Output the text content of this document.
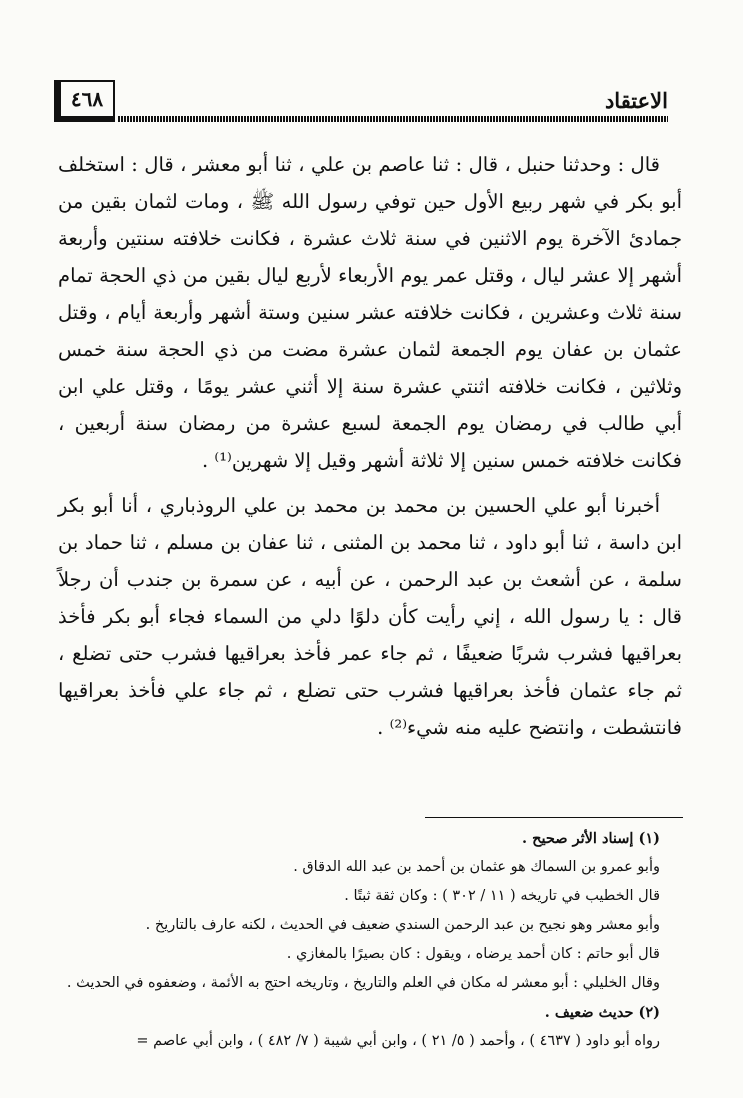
٤٦٨	الاعتقاد

قال : وحدثنا حنبل ، قال : ثنا عاصم بن علي ، ثنا أبو معشر ، قال : استخلف أبو بكر في شهر ربيع الأول حين توفي رسول الله ﷺ ، ومات لثمان بقين من جمادئ الآخرة يوم الاثنين في سنة ثلاث عشرة ، فكانت خلافته سنتين وأربعة أشهر إلا عشر ليال ، وقتل عمر يوم الأربعاء لأربع ليال بقين من ذي الحجة تمام سنة ثلاث وعشرين ، فكانت خلافته عشر سنين وستة أشهر وأربعة أيام ، وقتل عثمان بن عفان يوم الجمعة لثمان عشرة مضت من ذي الحجة سنة خمس وثلاثين ، فكانت خلافته اثنتي عشرة سنة إلا أثني عشر يومًا ، وقتل علي ابن أبي طالب في رمضان يوم الجمعة لسبع عشرة من رمضان سنة أربعين ، فكانت خلافته خمس سنين إلا ثلاثة أشهر وقيل إلا شهرين⁽¹⁾ .

أخبرنا أبو علي الحسين بن محمد بن محمد بن علي الروذباري ، أنا أبو بكر ابن داسة ، ثنا أبو داود ، ثنا محمد بن المثنى ، ثنا عفان بن مسلم ، ثنا حماد بن سلمة ، عن أشعث بن عبد الرحمن ، عن أبيه ، عن سمرة بن جندب أن رجلاً قال : يا رسول الله ، إني رأيت كأن دلوًا دلي من السماء فجاء أبو بكر فأخذ بعراقيها فشرب شربًا ضعيفًا ، ثم جاء عمر فأخذ بعراقيها فشرب حتى تضلع ، ثم جاء عثمان فأخذ بعراقيها فشرب حتى تضلع ، ثم جاء علي فأخذ بعراقيها فانتشطت ، وانتضح عليه منه شيء⁽²⁾ .

(١) إسناد الأثر صحيح .

وأبو عمرو بن السماك هو عثمان بن أحمد بن عبد الله الدقاق .

قال الخطيب في تاريخه ( ١١ / ٣٠٢ ) : وكان ثقة ثبتًا .

وأبو معشر وهو نجيح بن عبد الرحمن السندي ضعيف في الحديث ، لكنه عارف بالتاريخ .

قال أبو حاتم : كان أحمد يرضاه ، ويقول : كان بصيرًا بالمغازي .

وقال الخليلي : أبو معشر له مكان في العلم والتاريخ ، وتاريخه احتج به الأئمة ، وضعفوه في الحديث .

(٢) حديث ضعيف .

رواه أبو داود ( ٤٦٣٧ ) ، وأحمد ( ٥/ ٢١ ) ، وابن أبي شيبة ( ٧/ ٤٨٢ ) ، وابن أبي عاصم =
